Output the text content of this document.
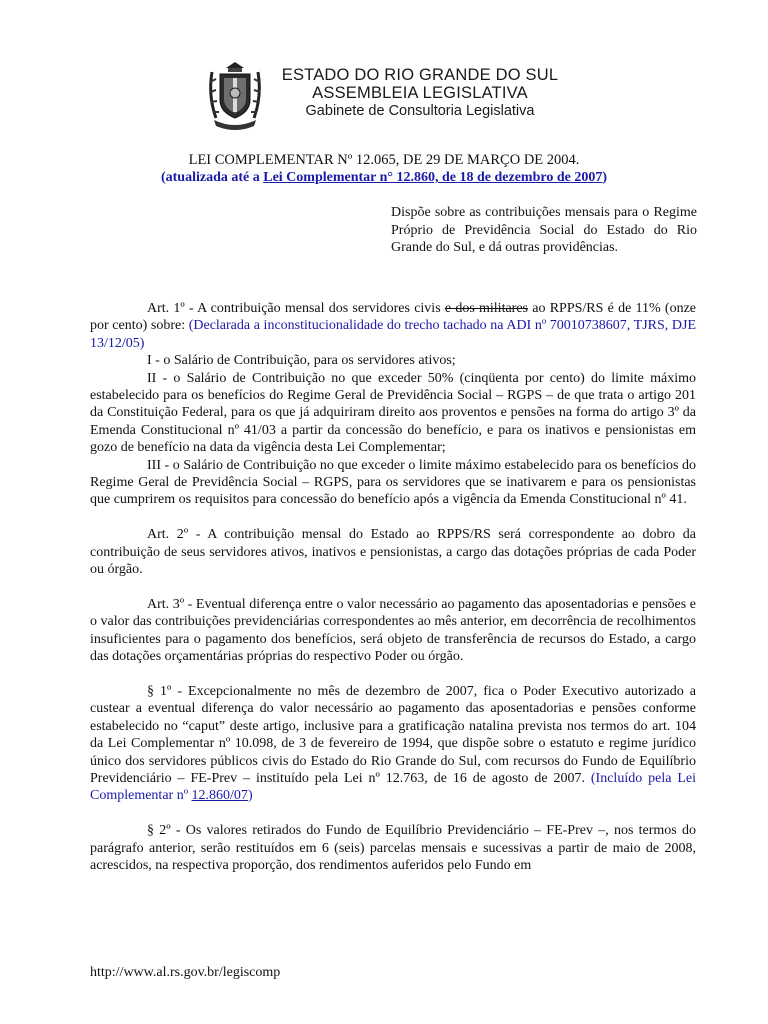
ESTADO DO RIO GRANDE DO SUL
ASSEMBLEIA LEGISLATIVA
Gabinete de Consultoria Legislativa
LEI COMPLEMENTAR Nº 12.065, DE 29 DE MARÇO DE 2004.
(atualizada até a Lei Complementar n° 12.860, de 18 de dezembro de 2007)
Dispõe sobre as contribuições mensais para o Regime Próprio de Previdência Social do Estado do Rio Grande do Sul, e dá outras providências.

Art. 1º - A contribuição mensal dos servidores civis e dos militares ao RPPS/RS é de 11% (onze por cento) sobre: (Declarada a inconstitucionalidade do trecho tachado na ADI nº 70010738607, TJRS, DJE 13/12/05)

I - o Salário de Contribuição, para os servidores ativos;

II - o Salário de Contribuição no que exceder 50% (cinqüenta por cento) do limite máximo estabelecido para os benefícios do Regime Geral de Previdência Social – RGPS – de que trata o artigo 201 da Constituição Federal, para os que já adquiriram direito aos proventos e pensões na forma do artigo 3º da Emenda Constitucional nº 41/03 a partir da concessão do benefício, e para os inativos e pensionistas em gozo de benefício na data da vigência desta Lei Complementar;

III - o Salário de Contribuição no que exceder o limite máximo estabelecido para os benefícios do Regime Geral de Previdência Social – RGPS, para os servidores que se inativarem e para os pensionistas que cumprirem os requisitos para concessão do benefício após a vigência da Emenda Constitucional nº 41.

Art. 2º - A contribuição mensal do Estado ao RPPS/RS será correspondente ao dobro da contribuição de seus servidores ativos, inativos e pensionistas, a cargo das dotações próprias de cada Poder ou órgão.

Art. 3º - Eventual diferença entre o valor necessário ao pagamento das aposentadorias e pensões e o valor das contribuições previdenciárias correspondentes ao mês anterior, em decorrência de recolhimentos insuficientes para o pagamento dos benefícios, será objeto de transferência de recursos do Estado, a cargo das dotações orçamentárias próprias do respectivo Poder ou órgão.

§ 1º - Excepcionalmente no mês de dezembro de 2007, fica o Poder Executivo autorizado a custear a eventual diferença do valor necessário ao pagamento das aposentadorias e pensões conforme estabelecido no “caput” deste artigo, inclusive para a gratificação natalina prevista nos termos do art. 104 da Lei Complementar nº 10.098, de 3 de fevereiro de 1994, que dispõe sobre o estatuto e regime jurídico único dos servidores públicos civis do Estado do Rio Grande do Sul, com recursos do Fundo de Equilíbrio Previdenciário – FE-Prev – instituído pela Lei nº 12.763, de 16 de agosto de 2007. (Incluído pela Lei Complementar nº 12.860/07)

§ 2º - Os valores retirados do Fundo de Equilíbrio Previdenciário – FE-Prev –, nos termos do parágrafo anterior, serão restituídos em 6 (seis) parcelas mensais e sucessivas a partir de maio de 2008, acrescidos, na respectiva proporção, dos rendimentos auferidos pelo Fundo em

http://www.al.rs.gov.br/legiscomp
